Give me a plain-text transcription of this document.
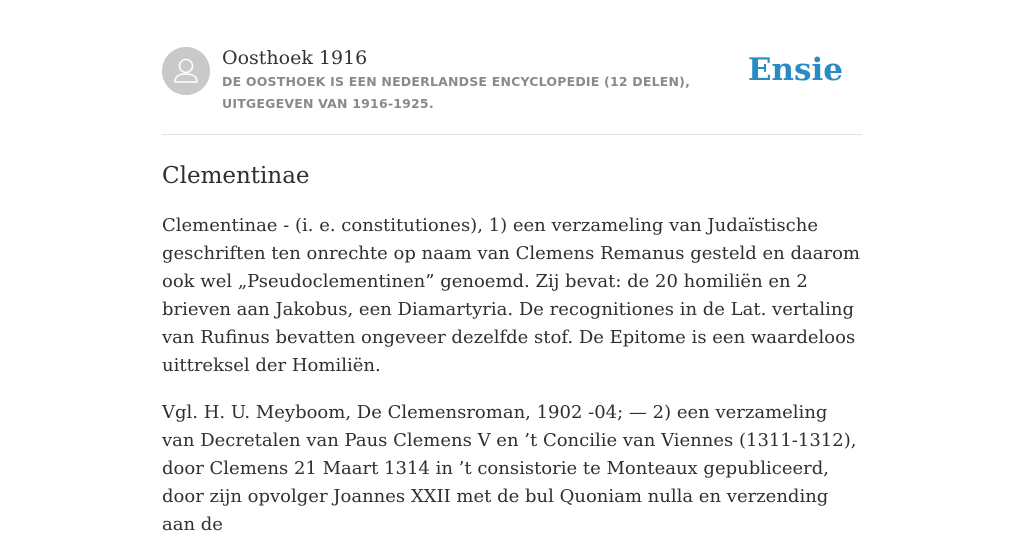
Oosthoek 1916
DE OOSTHOEK IS EEN NEDERLANDSE ENCYCLOPEDIE (12 DELEN), UITGEGEVEN VAN 1916-1925.
Ensie
Clementinae

Clementinae - (i. e. constitutiones), 1) een verzameling van Judaïstische geschriften ten onrechte op naam van Clemens Remanus gesteld en daarom ook wel „Pseudoclementinen” genoemd. Zij bevat: de 20 homiliën en 2 brieven aan Jakobus, een Diamartyria. De recognitiones in de Lat. vertaling van Rufinus bevatten ongeveer dezelfde stof. De Epitome is een waardeloos uittreksel der Homiliën.

Vgl. H. U. Meyboom, De Clemensroman, 1902 -04; — 2) een verzameling van Decretalen van Paus Clemens V en ’t Concilie van Viennes (1311-1312), door Clemens 21 Maart 1314 in ’t consistorie te Monteaux gepubliceerd, door zijn opvolger Joannes XXII met de bul Quoniam nulla en verzending aan de
